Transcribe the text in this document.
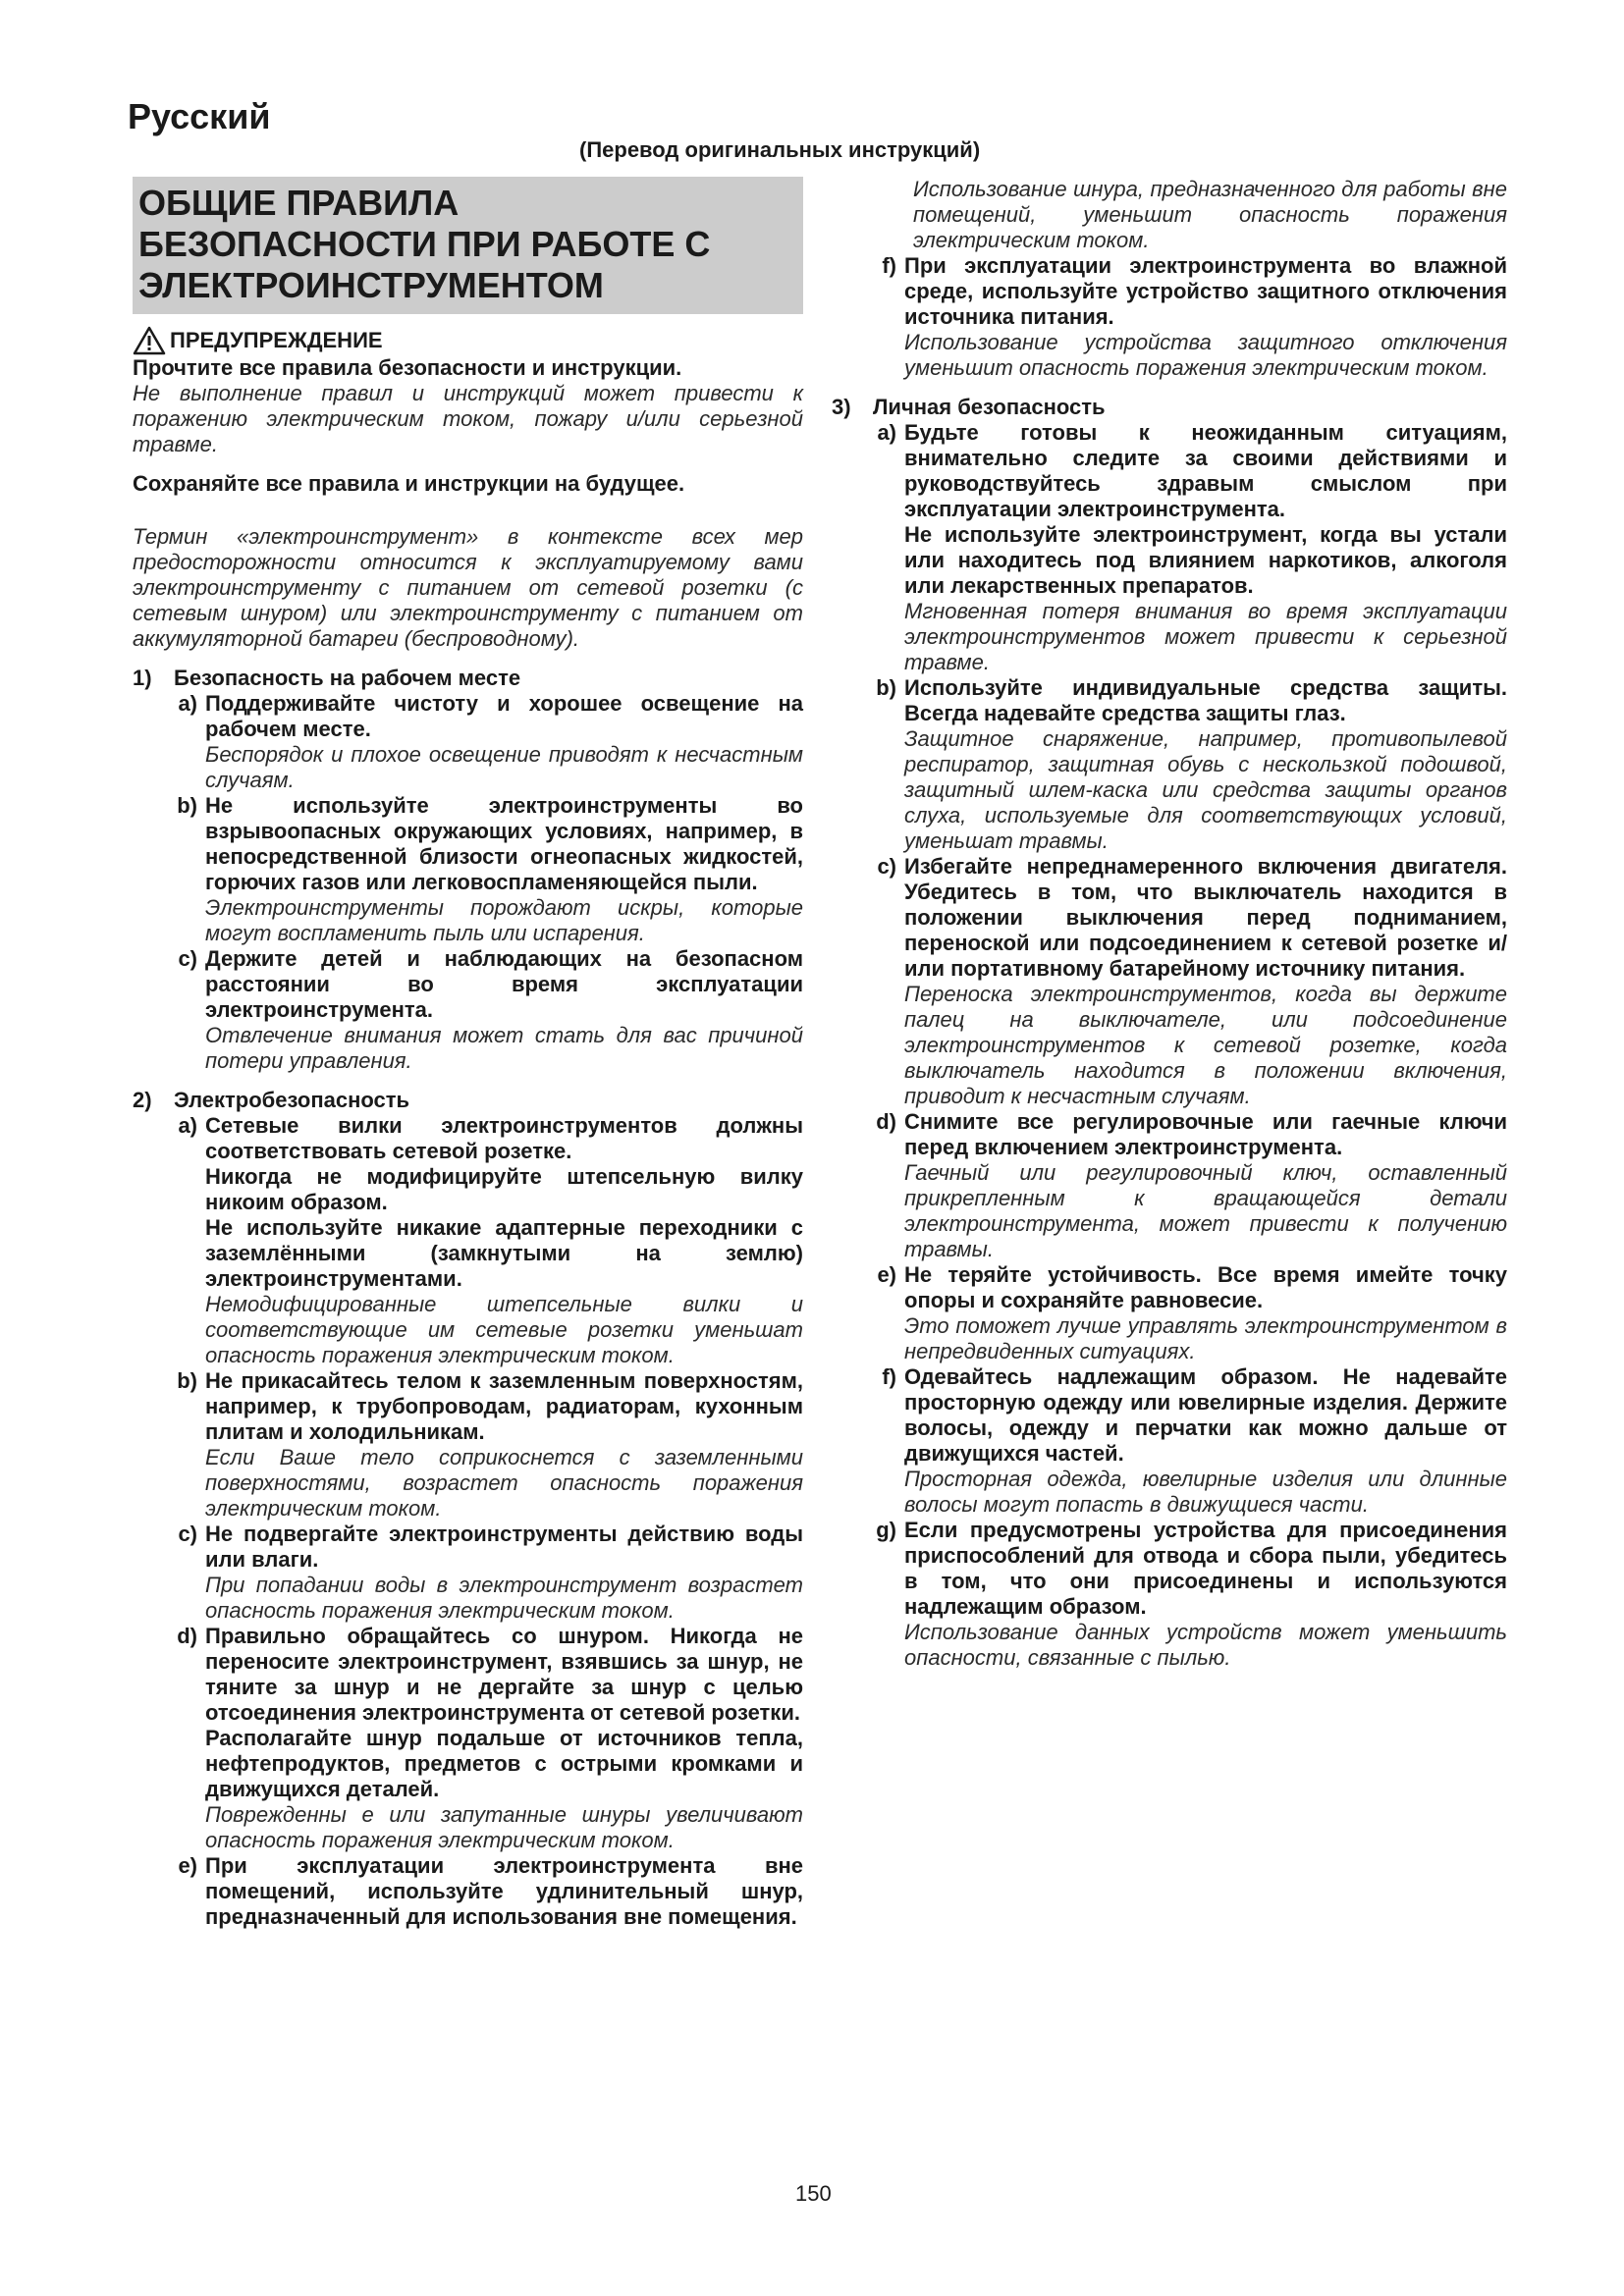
Русский
(Перевод оригинальных инструкций)
ОБЩИЕ ПРАВИЛА
БЕЗОПАСНОСТИ ПРИ РАБОТЕ С
ЭЛЕКТРОИНСТРУМЕНТОМ
ПРЕДУПРЕЖДЕНИЕ
Прочтите все правила безопасности и инструкции.
Не выполнение правил и инструкций может привести к поражению электрическим током, пожару и/или серьезной травме.
Сохраняйте все правила и инструкции на будущее.
Термин «электроинструмент» в контексте всех мер предосторожности относится к эксплуатируемому вами электроинструменту с питанием от сетевой розетки (с сетевым шнуром) или электроинструменту с питанием от аккумуляторной батареи (беспроводному).
1)	Безопасность на рабочем месте
a) Поддерживайте чистоту и хорошее освещение на рабочем месте.
Беспорядок и плохое освещение приводят к несчастным случаям.
b) Не используйте электроинструменты во взрывоопасных окружающих условиях, например, в непосредственной близости огнеопасных жидкостей, горючих газов или легковоспламеняющейся пыли.
Электроинструменты порождают искры, которые могут воспламенить пыль или испарения.
c) Держите детей и наблюдающих на безопасном расстоянии во время эксплуатации электроинструмента.
Отвлечение внимания может стать для вас причиной потери управления.
2)	Электробезопасность
a) Сетевые вилки электроинструментов должны соответствовать сетевой розетке.
Никогда не модифицируйте штепсельную вилку никоим образом.
Не используйте никакие адаптерные переходники с заземлёнными (замкнутыми на землю) электроинструментами.
Немодифицированные штепсельные вилки и соответствующие им сетевые розетки уменьшат опасность поражения электрическим током.
b) Не прикасайтесь телом к заземленным поверхностям, например, к трубопроводам, радиаторам, кухонным плитам и холодильникам.
Если Ваше тело соприкоснется с заземленными поверхностями, возрастет опасность поражения электрическим током.
c) Не подвергайте электроинструменты действию воды или влаги.
При попадании воды в электроинструмент возрастет опасность поражения электрическим током.
d) Правильно обращайтесь со шнуром. Никогда не переносите электроинструмент, взявшись за шнур, не тяните за шнур и не дергайте за шнур с целью отсоединения электроинструмента от сетевой розетки.
Располагайте шнур подальше от источников тепла, нефтепродуктов, предметов с острыми кромками и движущихся деталей.
Поврежденны е или запутанные шнуры увеличивают опасность поражения электрическим током.
e) При эксплуатации электроинструмента вне помещений, используйте удлинительный шнур, предназначенный для использования вне помещения.
Использование шнура, предназначенного для работы вне помещений, уменьшит опасность поражения электрическим током.
f) При эксплуатации электроинструмента во влажной среде, используйте устройство защитного отключения источника питания.
Использование устройства защитного отключения уменьшит опасность поражения электрическим током.
3)	Личная безопасность
a) Будьте готовы к неожиданным ситуациям, внимательно следите за своими действиями и руководствуйтесь здравым смыслом при эксплуатации электроинструмента.
Не используйте электроинструмент, когда вы устали или находитесь под влиянием наркотиков, алкоголя или лекарственных препаратов.
Мгновенная потеря внимания во время эксплуатации электроинструментов может привести к серьезной травме.
b) Используйте индивидуальные средства защиты. Всегда надевайте средства защиты глаз.
Защитное снаряжение, например, противопылевой респиратор, защитная обувь с нескользкой подошвой, защитный шлем-каска или средства защиты органов слуха, используемые для соответствующих условий, уменьшат травмы.
c) Избегайте непреднамеренного включения двигателя. Убедитесь в том, что выключатель находится в положении выключения перед подниманием, переноской или подсоединением к сетевой розетке и/или портативному батарейному источнику питания.
Переноска электроинструментов, когда вы держите палец на выключателе, или подсоединение электроинструментов к сетевой розетке, когда выключатель находится в положении включения, приводит к несчастным случаям.
d) Снимите все регулировочные или гаечные ключи перед включением электроинструмента.
Гаечный или регулировочный ключ, оставленный прикрепленным к вращающейся детали электроинструмента, может привести к получению травмы.
e) Не теряйте устойчивость. Все время имейте точку опоры и сохраняйте равновесие.
Это поможет лучше управлять электроинструментом в непредвиденных ситуациях.
f) Одевайтесь надлежащим образом. Не надевайте просторную одежду или ювелирные изделия. Держите волосы, одежду и перчатки как можно дальше от движущихся частей.
Просторная одежда, ювелирные изделия или длинные волосы могут попасть в движущиеся части.
g) Если предусмотрены устройства для присоединения приспособлений для отвода и сбора пыли, убедитесь в том, что они присоединены и используются надлежащим образом.
Использование данных устройств может уменьшить опасности, связанные с пылью.
150
